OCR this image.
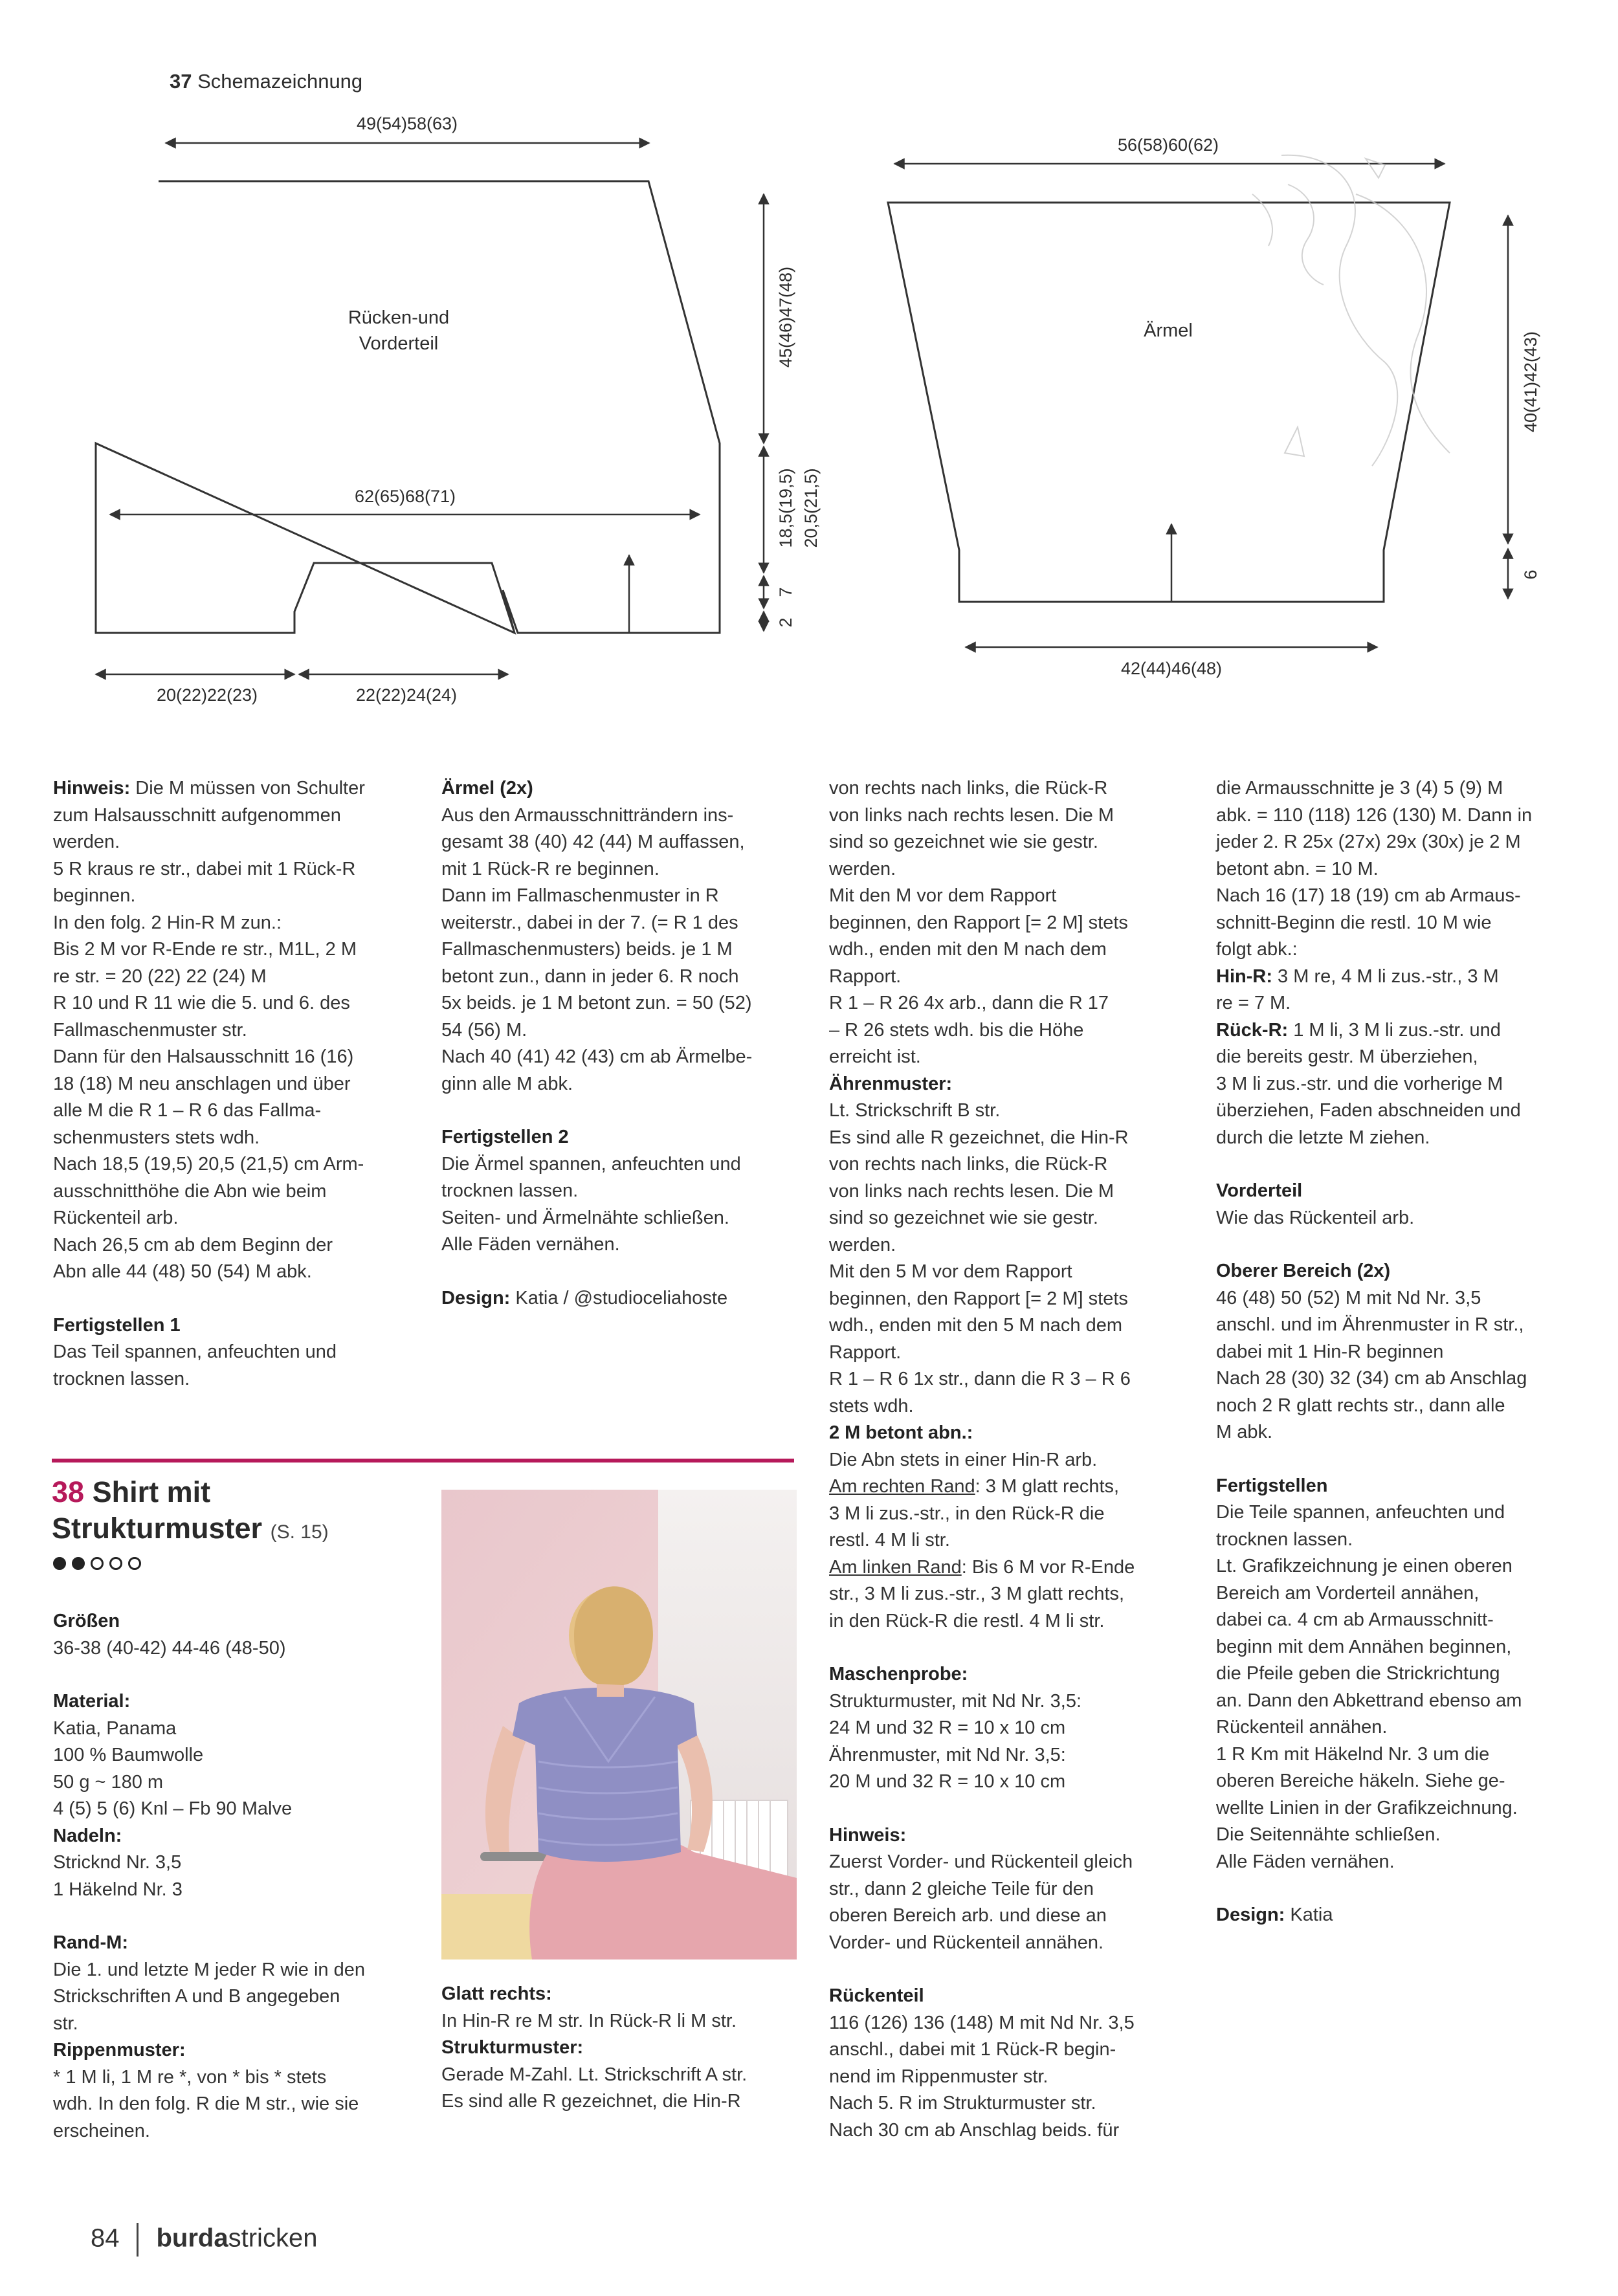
37 Schemazeichnung
49(54)58(63)
62(65)68(71)
20(22)22(23)	22(22)24(24)
Rücken-und
Vorderteil	45(46)47(48)
18,5(19,5) 20,5(21,5)
7
2
56(58)60(62)
42(44)46(48)
Ärmel
40(41)42(43)
6

Hinweis: Die M müssen von Schulter

zum Halsausschnitt aufgenommen

werden.

5 R kraus re str., dabei mit 1 Rück-R

beginnen.

In den folg. 2 Hin-R M zun.:

Bis 2 M vor R-Ende re str., M1L, 2 M

re str. = 20 (22) 22 (24) M

R 10 und R 11 wie die 5. und 6. des

Fallmaschenmuster str.

Dann für den Halsausschnitt 16 (16)

18 (18) M neu anschlagen und über

alle M die R 1 – R 6 das Fallma-

schenmusters stets wdh.

Nach 18,5 (19,5) 20,5 (21,5) cm Arm-

ausschnitthöhe die Abn wie beim

Rückenteil arb.

Nach 26,5 cm ab dem Beginn der

Abn alle 44 (48) 50 (54) M abk.

Fertigstellen 1

Das Teil spannen, anfeuchten und

trocknen lassen.

Ärmel (2x)

Aus den Armausschnitträndern ins-

gesamt 38 (40) 42 (44) M auffassen,

mit 1 Rück-R re beginnen.

Dann im Fallmaschenmuster in R

weiterstr., dabei in der 7. (= R 1 des

Fallmaschenmusters) beids. je 1 M

betont zun., dann in jeder 6. R noch

5x beids. je 1 M betont zun. = 50 (52)

54 (56) M.

Nach 40 (41) 42 (43) cm ab Ärmelbe-

ginn alle M abk.

Fertigstellen 2

Die Ärmel spannen, anfeuchten und

trocknen lassen.

Seiten- und Ärmelnähte schließen.

Alle Fäden vernähen.

Design: Katia / @studioceliahoste

von rechts nach links, die Rück-R

von links nach rechts lesen. Die M

sind so gezeichnet wie sie gestr.

werden.

Mit den M vor dem Rapport

beginnen, den Rapport [= 2 M] stets

wdh., enden mit den M nach dem

Rapport.

R 1 – R 26 4x arb., dann die R 17

– R 26 stets wdh. bis die Höhe

erreicht ist.

Ährenmuster:

Lt. Strickschrift B str.

Es sind alle R gezeichnet, die Hin-R

von rechts nach links, die Rück-R

von links nach rechts lesen. Die M

sind so gezeichnet wie sie gestr.

werden.

Mit den 5 M vor dem Rapport

beginnen, den Rapport [= 2 M] stets

wdh., enden mit den 5 M nach dem

Rapport.

R 1 – R 6 1x str., dann die R 3 – R 6

stets wdh.

2 M betont abn.:

Die Abn stets in einer Hin-R arb.

Am rechten Rand: 3 M glatt rechts,

3 M li zus.-str., in den Rück-R die

restl. 4 M li str.

Am linken Rand: Bis 6 M vor R-Ende

str., 3 M li zus.-str., 3 M glatt rechts,

in den Rück-R die restl. 4 M li str.

Maschenprobe:

Strukturmuster, mit Nd Nr. 3,5:

24 M und 32 R = 10 x 10 cm

Ährenmuster, mit Nd Nr. 3,5:

20 M und 32 R = 10 x 10 cm

Hinweis:

Zuerst Vorder- und Rückenteil gleich

str., dann 2 gleiche Teile für den

oberen Bereich arb. und diese an

Vorder- und Rückenteil annähen.

Rückenteil

116 (126) 136 (148) M mit Nd Nr. 3,5

anschl., dabei mit 1 Rück-R begin-

nend im Rippenmuster str.

Nach 5. R im Strukturmuster str.

Nach 30 cm ab Anschlag beids. für

die Armausschnitte je 3 (4) 5 (9) M

abk. = 110 (118) 126 (130) M. Dann in

jeder 2. R 25x (27x) 29x (30x) je 2 M

betont abn. = 10 M.

Nach 16 (17) 18 (19) cm ab Armaus-

schnitt-Beginn die restl. 10 M wie

folgt abk.:

Hin-R: 3 M re, 4 M li zus.-str., 3 M

re = 7 M.

Rück-R: 1 M li, 3 M li zus.-str. und

die bereits gestr. M überziehen,

3 M li zus.-str. und die vorherige M

überziehen, Faden abschneiden und

durch die letzte M ziehen.

Vorderteil

Wie das Rückenteil arb.

Oberer Bereich (2x)

46 (48) 50 (52) M mit Nd Nr. 3,5

anschl. und im Ährenmuster in R str.,

dabei mit 1 Hin-R beginnen

Nach 28 (30) 32 (34) cm ab Anschlag

noch 2 R glatt rechts str., dann alle

M abk.

Fertigstellen

Die Teile spannen, anfeuchten und

trocknen lassen.

Lt. Grafikzeichnung je einen oberen

Bereich am Vorderteil annähen,

dabei ca. 4 cm ab Armausschnitt-

beginn mit dem Annähen beginnen,

die Pfeile geben die Strickrichtung

an. Dann den Abkettrand ebenso am

Rückenteil annähen.

1 R Km mit Häkelnd Nr. 3 um die

oberen Bereiche häkeln. Siehe ge-

wellte Linien in der Grafikzeichnung.

Die Seitennähte schließen.

Alle Fäden vernähen.

Design: Katia

38 Shirt mit
Strukturmuster (S. 15)

Größen

36-38 (40-42) 44-46 (48-50)

Material:

Katia, Panama

100 % Baumwolle

50 g ~ 180 m

4 (5) 5 (6) Knl – Fb 90 Malve

Nadeln:

Stricknd Nr. 3,5

1 Häkelnd Nr. 3

Rand-M:

Die 1. und letzte M jeder R wie in den

Strickschriften A und B angegeben

str.

Rippenmuster:

* 1 M li, 1 M re *, von * bis * stets

wdh. In den folg. R die M str., wie sie

erscheinen.

Glatt rechts:

In Hin-R re M str. In Rück-R li M str.

Strukturmuster:

Gerade M-Zahl. Lt. Strickschrift A str.

Es sind alle R gezeichnet, die Hin-R

84 burdastricken
